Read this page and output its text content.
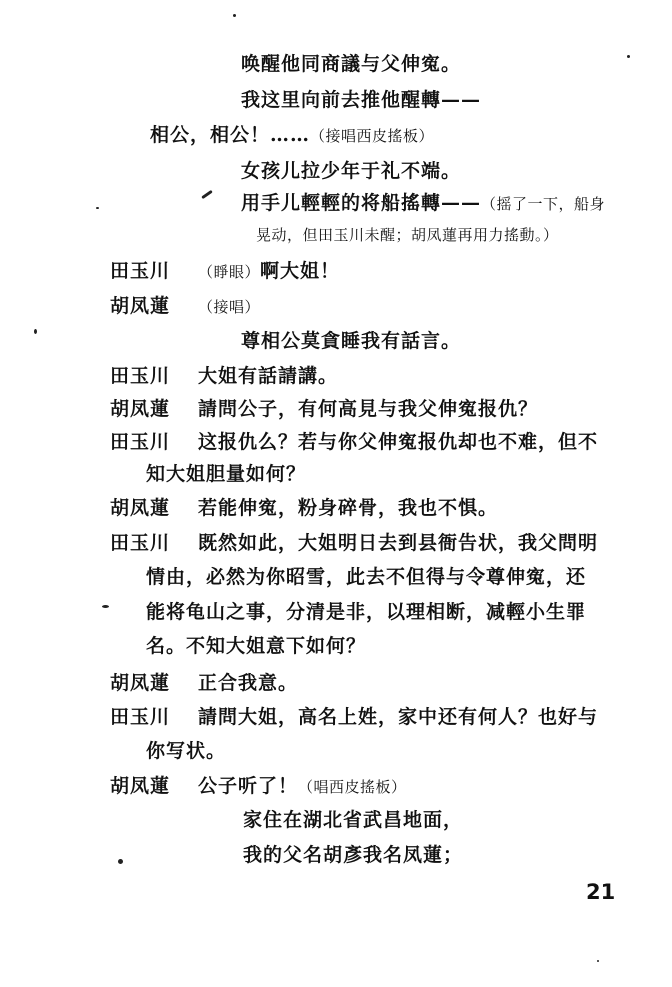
唤醒他同商議与父伸寃。
我这里向前去推他醒轉——
相公，相公！……（接唱西皮搖板）
女孩儿拉少年于礼不端。
用手儿輕輕的将船搖轉——（摇了一下，船身
晃动，但田玉川未醒；胡凤蓮再用力搖動。）
田玉川 （睜眼）啊大姐！
胡凤蓮 （接唱）
尊相公莫貪睡我有話言。
田玉川 大姐有話請講。
胡凤蓮 請問公子，有何高見与我父伸寃报仇？
田玉川 这报仇么？若与你父伸寃报仇却也不难，但不
知大姐胆量如何？
胡凤蓮 若能伸寃，粉身碎骨，我也不惧。
田玉川 既然如此，大姐明日去到县衙告状，我父問明
情由，必然为你昭雪，此去不但得与令尊伸寃，还
能将龟山之事，分清是非，以理相断，减輕小生罪
名。不知大姐意下如何？
胡凤蓮 正合我意。
田玉川 請問大姐，高名上姓，家中还有何人？也好与
你写状。
胡凤蓮 公子听了！（唱西皮搖板）
家住在湖北省武昌地面，
我的父名胡彥我名凤蓮；
21
